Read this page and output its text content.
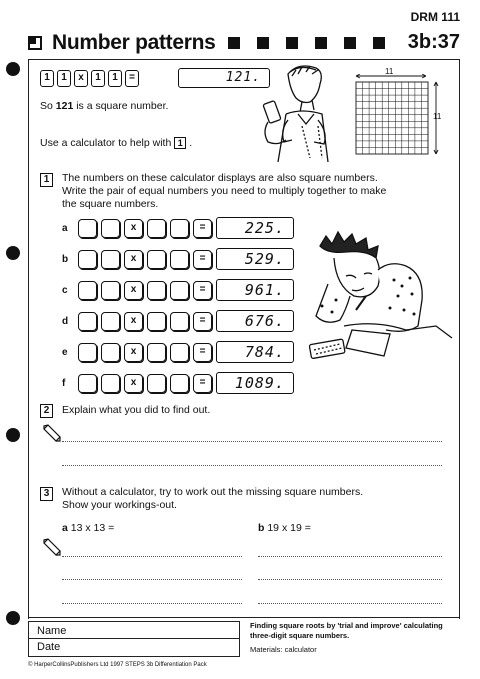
DRM 111
Number patterns	3b:37
1	1	x	1	1	=	121.
So 121 is a square number.
Use a calculator to help with 1 .
11
11
1	The numbers on these calculator displays are also square numbers.
Write the pair of equal numbers you need to multiply together to make
the square numbers.
a	x	=	225.
b	x	=	529.
c	x	=	961.
d	x	=	676.
e	x	=	784.
f	x	=	1089.
2	Explain what you did to find out.
3	Without a calculator, try to work out the missing square numbers.
Show your workings-out.
a 13 x 13 =	b 19 x 19 =
Name
Date
Finding square roots by 'trial and improve' calculating three-digit square numbers.
Materials: calculator
© HarperCollinsPublishers Ltd 1997 STEPS 3b Differentiation Pack
